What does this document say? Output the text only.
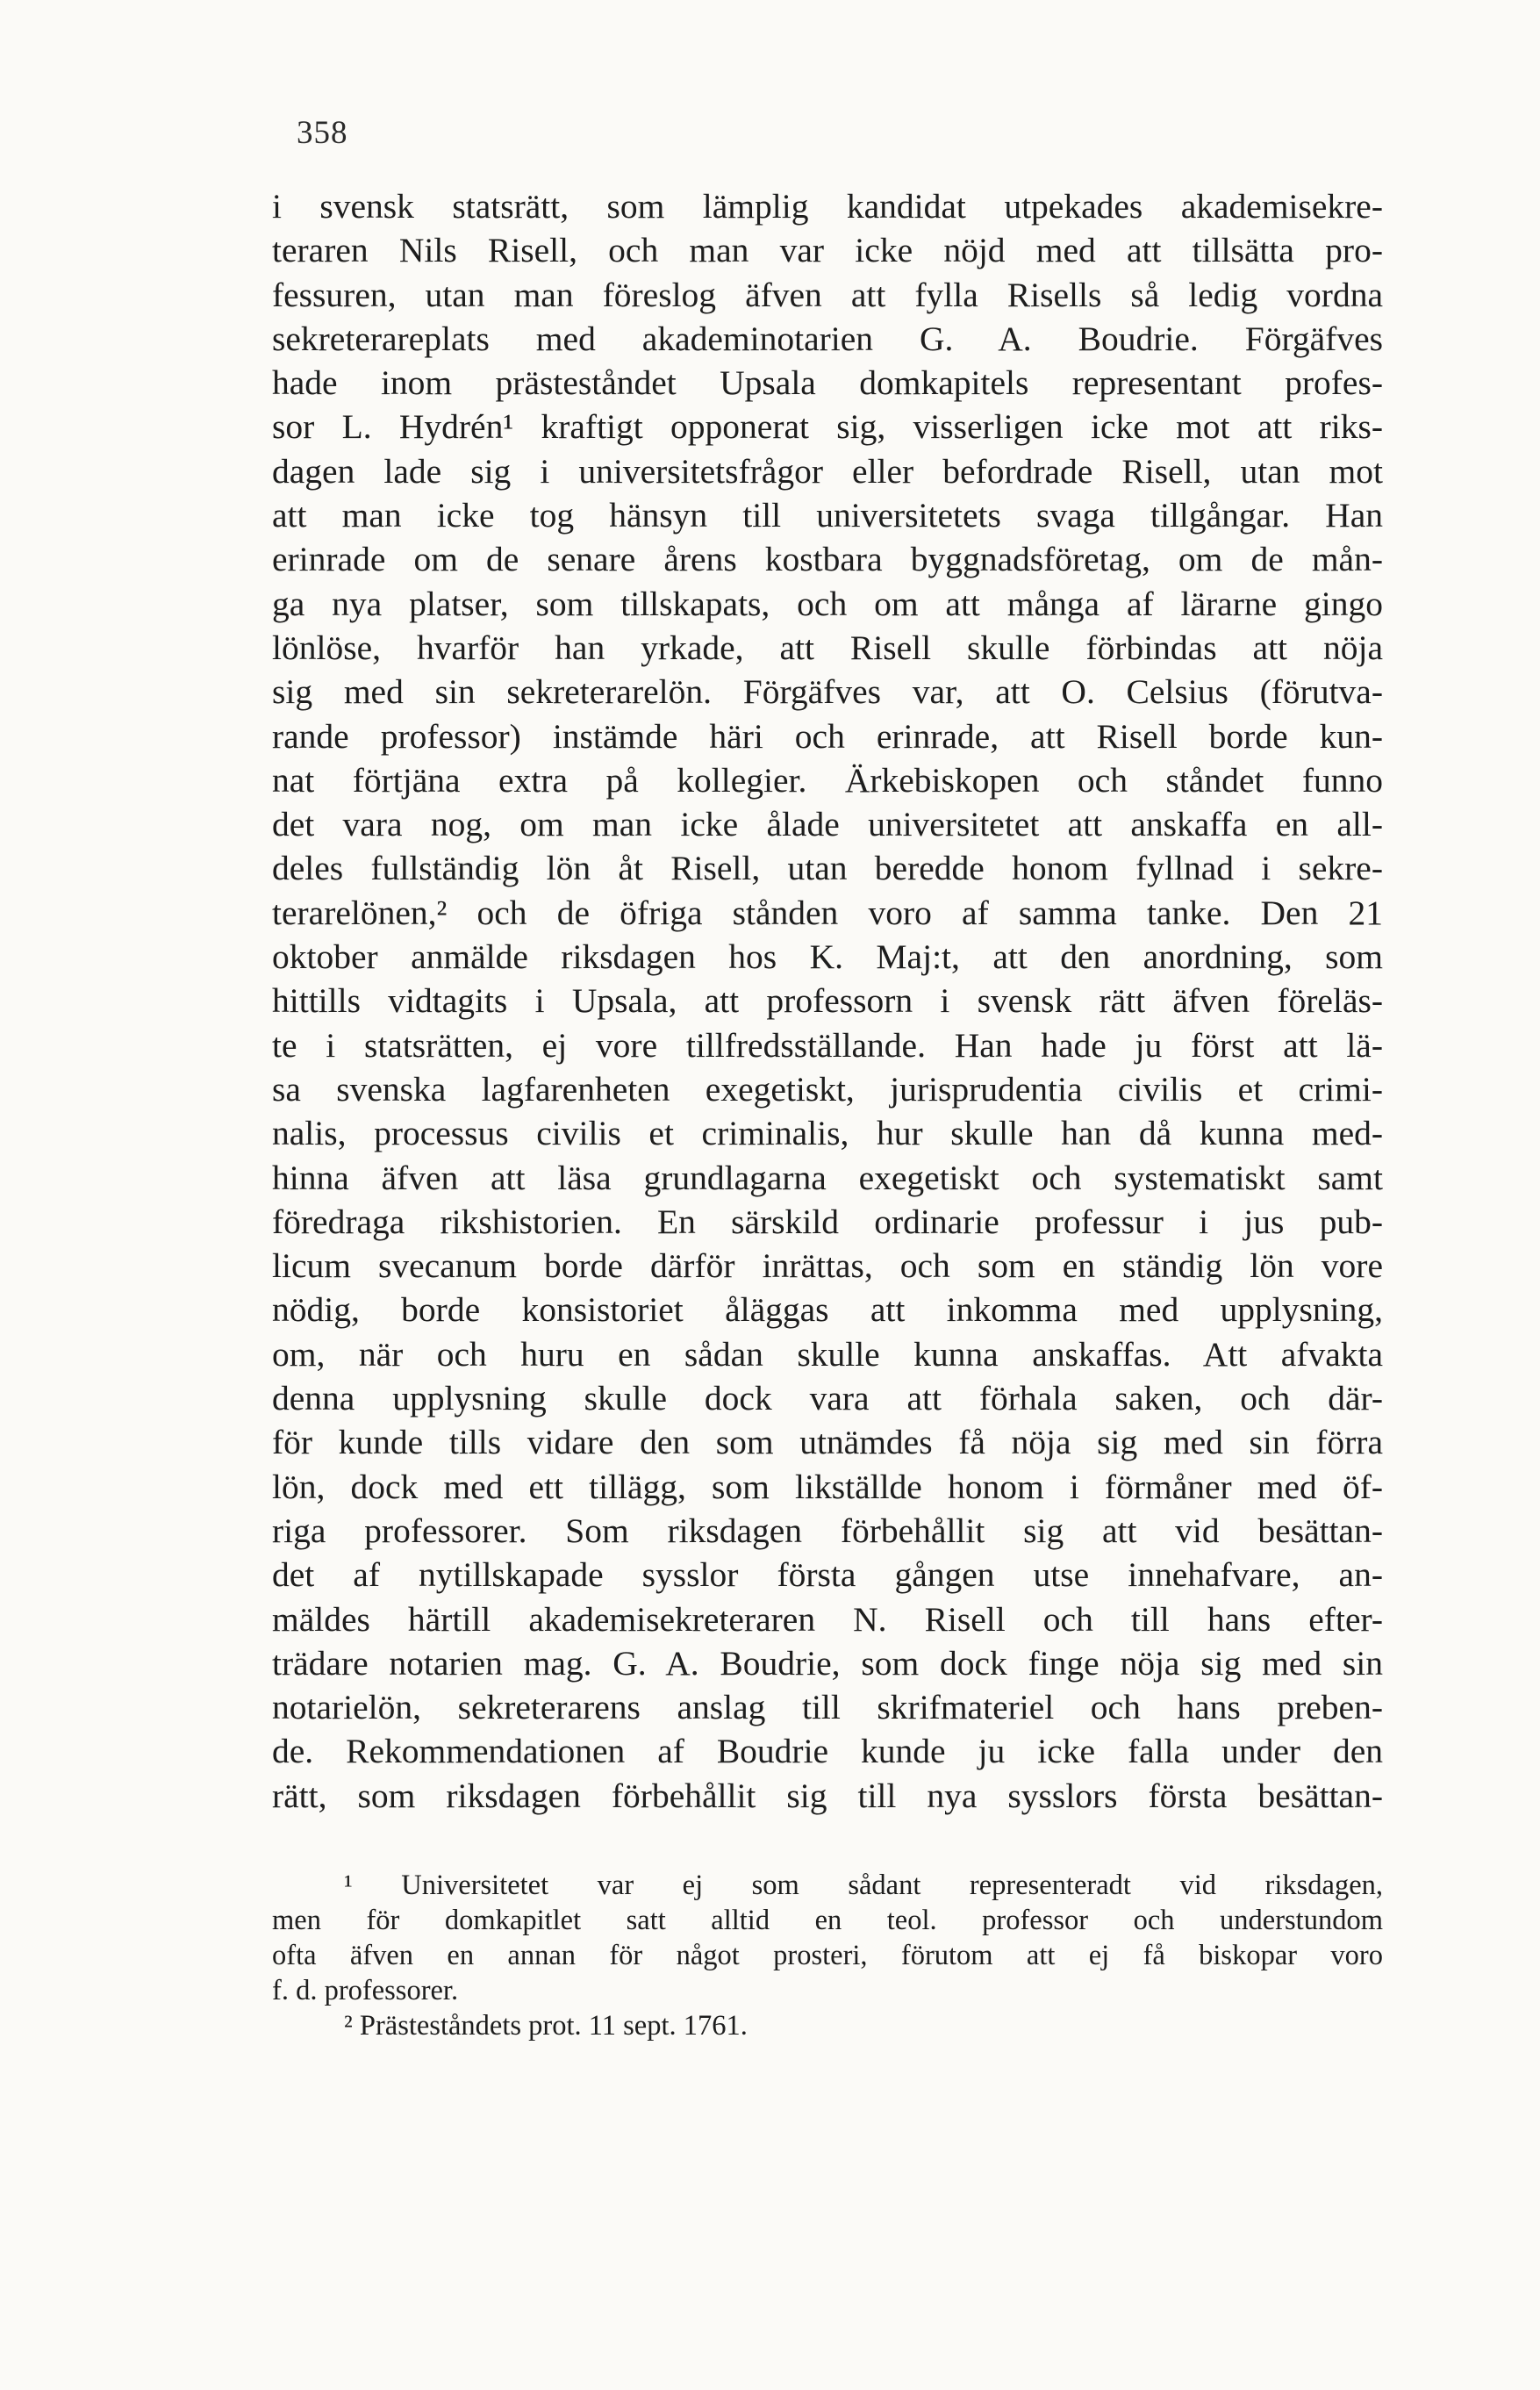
358
i svensk statsrätt, som lämplig kandidat utpekades akademisekre-
teraren Nils Risell, och man var icke nöjd med att tillsätta pro-
fessuren, utan man föreslog äfven att fylla Risells så ledig vordna
sekreterareplats med akademinotarien G. A. Boudrie. Förgäfves
hade inom prästeståndet Upsala domkapitels representant profes-
sor L. Hydrén¹ kraftigt opponerat sig, visserligen icke mot att riks-
dagen lade sig i universitetsfrågor eller befordrade Risell, utan mot
att man icke tog hänsyn till universitetets svaga tillgångar. Han
erinrade om de senare årens kostbara byggnadsföretag, om de mån-
ga nya platser, som tillskapats, och om att många af lärarne gingo
lönlöse, hvarför han yrkade, att Risell skulle förbindas att nöja
sig med sin sekreterarelön. Förgäfves var, att O. Celsius (förutva-
rande professor) instämde häri och erinrade, att Risell borde kun-
nat förtjäna extra på kollegier. Ärkebiskopen och ståndet funno
det vara nog, om man icke ålade universitetet att anskaffa en all-
deles fullständig lön åt Risell, utan beredde honom fyllnad i sekre-
terarelönen,² och de öfriga stånden voro af samma tanke. Den 21
oktober anmälde riksdagen hos K. Maj:t, att den anordning, som
hittills vidtagits i Upsala, att professorn i svensk rätt äfven föreläs-
te i statsrätten, ej vore tillfredsställande. Han hade ju först att lä-
sa svenska lagfarenheten exegetiskt, jurisprudentia civilis et crimi-
nalis, processus civilis et criminalis, hur skulle han då kunna med-
hinna äfven att läsa grundlagarna exegetiskt och systematiskt samt
föredraga rikshistorien. En särskild ordinarie professur i jus pub-
licum svecanum borde därför inrättas, och som en ständig lön vore
nödig, borde konsistoriet åläggas att inkomma med upplysning,
om, när och huru en sådan skulle kunna anskaffas. Att afvakta
denna upplysning skulle dock vara att förhala saken, och där-
för kunde tills vidare den som utnämdes få nöja sig med sin förra
lön, dock med ett tillägg, som likställde honom i förmåner med öf-
riga professorer. Som riksdagen förbehållit sig att vid besättan-
det af nytillskapade sysslor första gången utse innehafvare, an-
mäldes härtill akademisekreteraren N. Risell och till hans efter-
trädare notarien mag. G. A. Boudrie, som dock finge nöja sig med sin
notarielön, sekreterarens anslag till skrifmateriel och hans preben-
de. Rekommendationen af Boudrie kunde ju icke falla under den
rätt, som riksdagen förbehållit sig till nya sysslors första besättan-
¹ Universitetet var ej som sådant representeradt vid riksdagen,
men för domkapitlet satt alltid en teol. professor och understundom
ofta äfven en annan för något prosteri, förutom att ej få biskopar voro
f. d. professorer.
² Prästeståndets prot. 11 sept. 1761.
